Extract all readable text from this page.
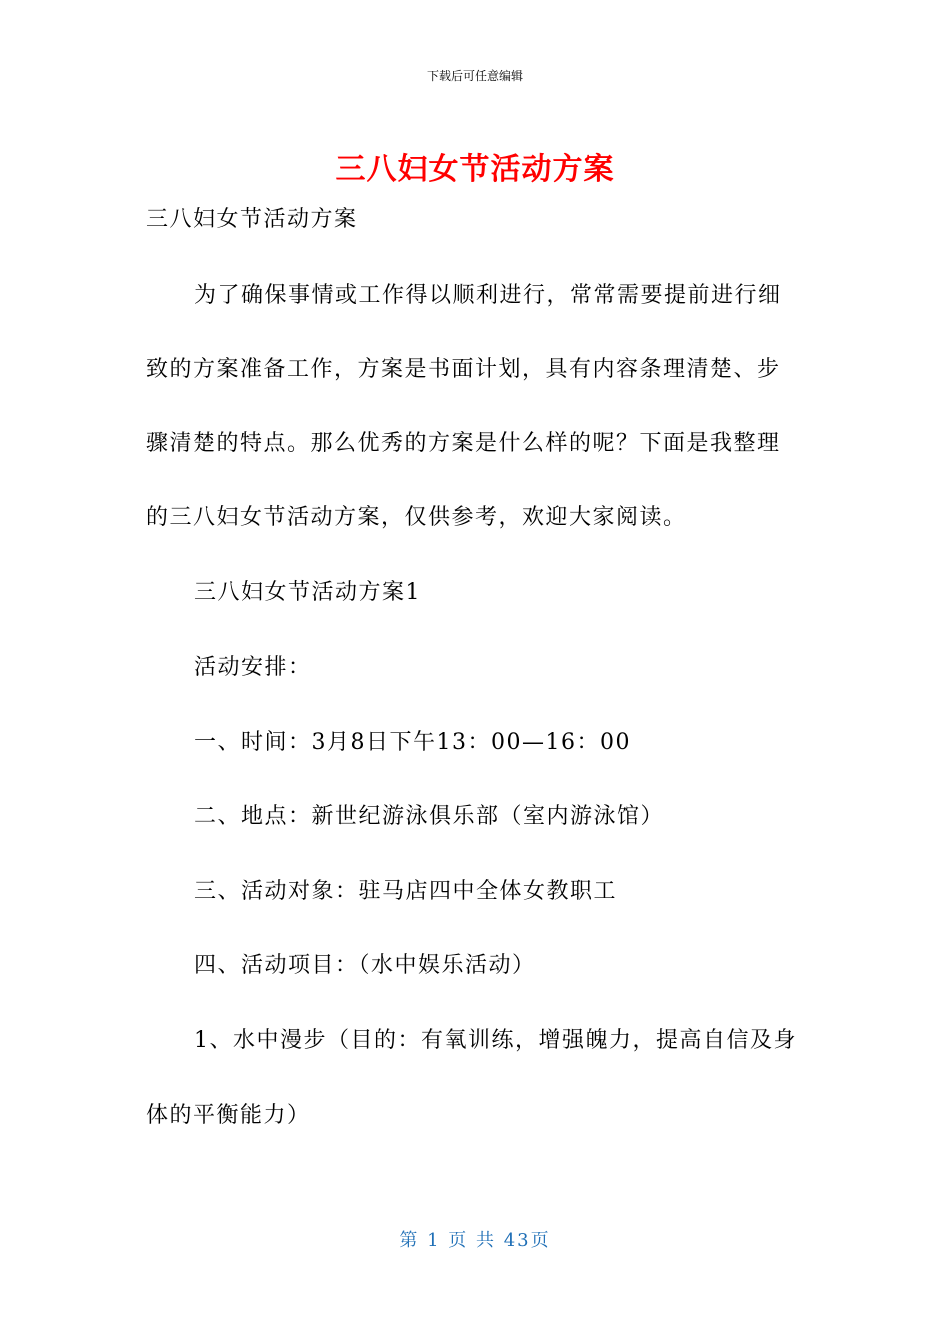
下载后可任意编辑
三八妇女节活动方案
三八妇女节活动方案
为了确保事情或工作得以顺利进行，常常需要提前进行细
致的方案准备工作，方案是书面计划，具有内容条理清楚、步
骤清楚的特点。那么优秀的方案是什么样的呢？下面是我整理
的三八妇女节活动方案，仅供参考，欢迎大家阅读。
三八妇女节活动方案1
活动安排：
一、时间：3月8日下午13：00—16：00
二、地点：新世纪游泳俱乐部（室内游泳馆）
三、活动对象：驻马店四中全体女教职工
四、活动项目：（水中娱乐活动）
1、水中漫步（目的：有氧训练，增强魄力，提高自信及身
体的平衡能力）
第 1 页 共 43页
